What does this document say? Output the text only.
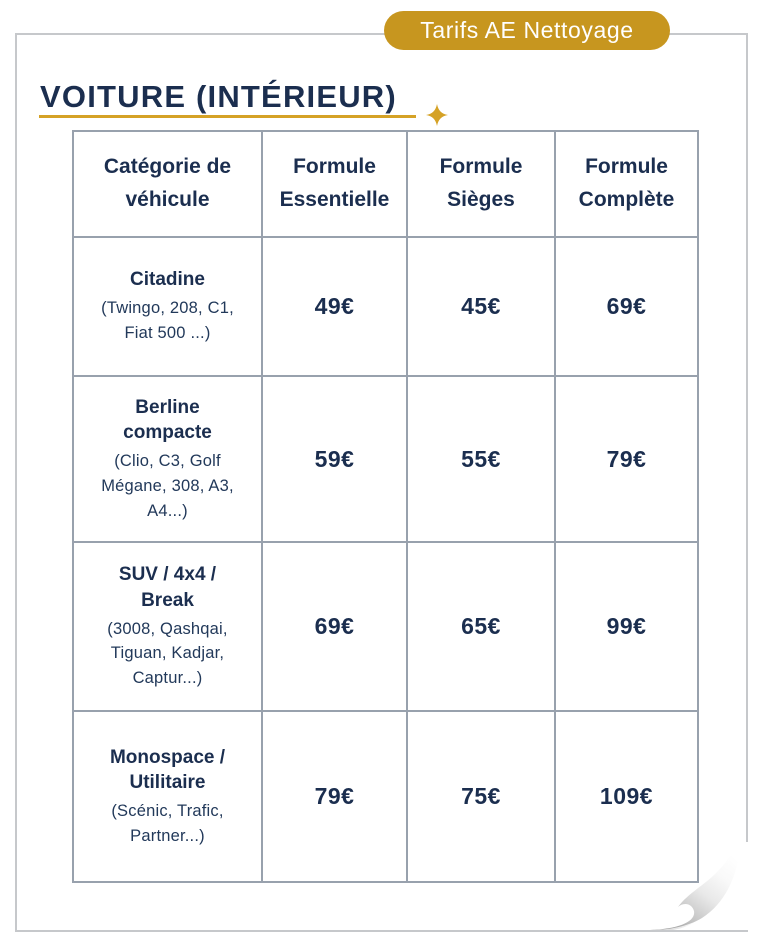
Tarifs AE Nettoyage
VOITURE (INTÉRIEUR)
Catégorie de véhicule	Formule Essentielle	Formule Sièges	Formule Complète

Citadine
(Twingo, 208, C1, Fiat 500 ...)	49€	45€	69€

Berline compacte
(Clio, C3, Golf Mégane, 308, A3, A4...)	59€	55€	79€

SUV / 4x4 / Break
(3008, Qashqai, Tiguan, Kadjar, Captur...)	69€	65€	99€

Monospace / Utilitaire
(Scénic, Trafic, Partner...)	79€	75€	109€
